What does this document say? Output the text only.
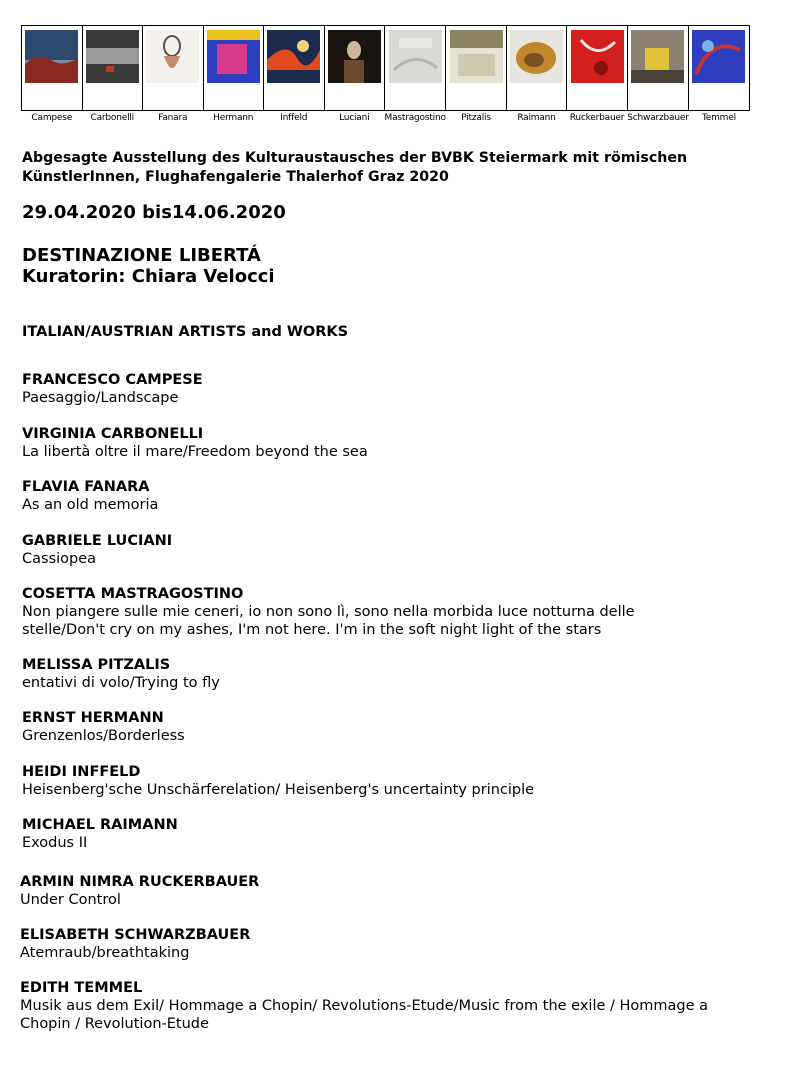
Campese	Carbonelli	Fanara	Hermann	Inffeld	Luciani	Mastragostino	Pitzalis	Raimann	Ruckerbauer	Schwarzbauer	Temmel

Abgesagte Ausstellung des Kulturaustausches der BVBK Steiermark mit römischen KünstlerInnen, Flughafengalerie Thalerhof Graz 2020

29.04.2020 bis14.06.2020

DESTINAZIONE LIBERTÁ
Kuratorin: Chiara Velocci

ITALIAN/AUSTRIAN ARTISTS and WORKS

FRANCESCO CAMPESE

Paesaggio/Landscape

VIRGINIA CARBONELLI

La libertà oltre il mare/Freedom beyond the sea

FLAVIA FANARA

As an old memoria

GABRIELE LUCIANI

Cassiopea

COSETTA MASTRAGOSTINO

Non piangere sulle mie ceneri, io non sono lì, sono nella morbida luce notturna delle stelle/Don't cry on my ashes, I'm not here. I'm in the soft night light of the stars

MELISSA PITZALIS

entativi di volo/Trying to fly

ERNST HERMANN

Grenzenlos/Borderless

HEIDI INFFELD

Heisenberg'sche Unschärferelation/ Heisenberg's uncertainty principle

MICHAEL RAIMANN

Exodus II

ARMIN NIMRA RUCKERBAUER

Under Control

ELISABETH SCHWARZBAUER

Atemraub/breathtaking

EDITH TEMMEL

Musik aus dem Exil/ Hommage a Chopin/ Revolutions-Etude/Music from the exile / Hommage a Chopin / Revolution-Etude
